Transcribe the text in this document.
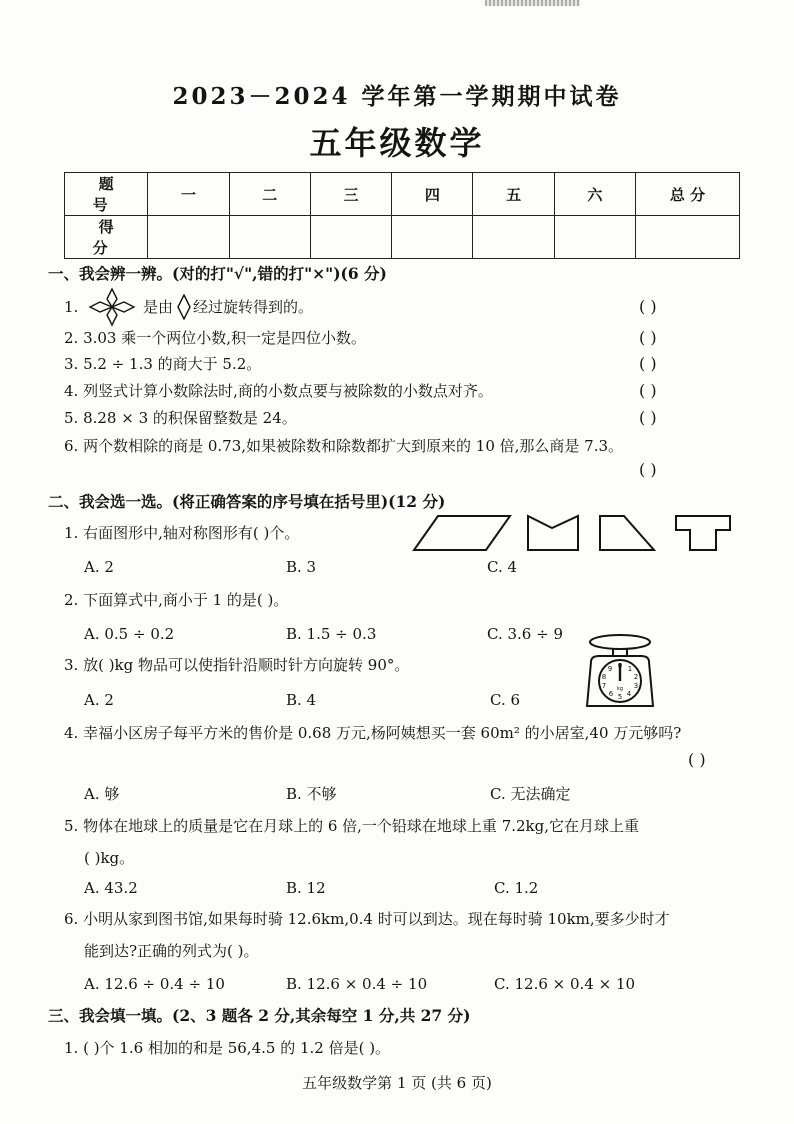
2023－2024 学年第一学期期中试卷
五年级数学
题 号	一	二	三	四	五	六	总 分
得 分							
一、我会辨一辨。(对的打"√",错的打"×")(6 分)
1.	是由 经过旋转得到的。	( )
2. 3.03 乘一个两位小数,积一定是四位小数。	( )
3. 5.2 ÷ 1.3 的商大于 5.2。	( )
4. 列竖式计算小数除法时,商的小数点要与被除数的小数点对齐。	( )
5. 8.28 × 3 的积保留整数是 24。	( )
6. 两个数相除的商是 0.73,如果被除数和除数都扩大到原来的 10 倍,那么商是 7.3。
( )
二、我会选一选。(将正确答案的序号填在括号里)(12 分)
1. 右面图形中,轴对称图形有( )个。
A. 2	B. 3	C. 4
2. 下面算式中,商小于 1 的是( )。
A. 0.5 ÷ 0.2	B. 1.5 ÷ 0.3	C. 3.6 ÷ 9
3. 放( )kg 物品可以使指针沿顺时针方向旋转 90°。	0 1
2
3
4
5
6
7
8
9
kg
A. 2	B. 4	C. 6
4. 幸福小区房子每平方米的售价是 0.68 万元,杨阿姨想买一套 60m² 的小居室,40 万元够吗?
( )
A. 够	B. 不够	C. 无法确定
5. 物体在地球上的质量是它在月球上的 6 倍,一个铅球在地球上重 7.2kg,它在月球上重
( )kg。
A. 43.2	B. 12	C. 1.2
6. 小明从家到图书馆,如果每时骑 12.6km,0.4 时可以到达。现在每时骑 10km,要多少时才
能到达?正确的列式为( )。
A. 12.6 ÷ 0.4 ÷ 10	B. 12.6 × 0.4 ÷ 10	C. 12.6 × 0.4 × 10
三、我会填一填。(2、3 题各 2 分,其余每空 1 分,共 27 分)
1. ( )个 1.6 相加的和是 56,4.5 的 1.2 倍是( )。
五年级数学第 1 页 (共 6 页)
